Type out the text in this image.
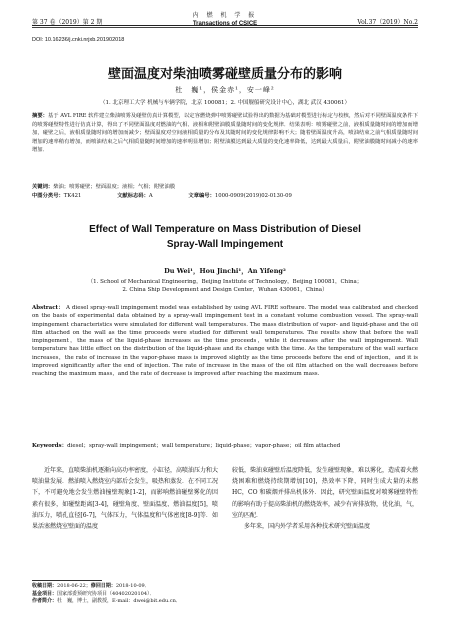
第 37 卷（2019）第 2 期
内 燃 机 学 报
Transactions of CSICE	Vol.37（2019）No.2
DOI: 10.16236/j.cnki.nrjxb.201902018
壁面温度对柴油喷雾碰壁质量分布的影响
杜　巍¹，侯金赤¹，安一峰²
（1. 北京理工大学 机械与车辆学院，北京 100081；2. 中国舰船研究设计中心，湖北 武汉 430061）
摘要：基于 AVL FIRE 软件建立柴油喷雾及碰壁仿真计算模型，以定容燃烧弹中喷雾碰壁试验得出的数据为基础对模型进行标定与校核，然后对不同壁面温度条件下的喷雾碰壁特性进行仿真计算，得出了不同壁面温度对燃油的气相、液相和附壁油膜质量随时间的变化规律．结果表明：喷雾碰壁之前，液相质量随时间的增加而增加，碰壁之后，液相质量随时间的增加而减少；壁面温度对空间液相质量的分布及其随时间的变化规律影响不大；随着壁面温度升高，喷油结束之前气相质量随时间增加的速率稍有增加，而喷油结束之后气相质量随时间增加的速率明显增加；附壁油膜达到最大质量的变化速率降低，达到最大质量后，附壁油膜随时间减小的速率增加．
关键词：柴油；喷雾碰壁；壁面温度；液相；气相；附壁油膜
中图分类号：TK421	文献标志码：A	文章编号：1000-0909(2019)02-0130-09
Effect of Wall Temperature on Mass Distribution of Diesel
Spray-Wall Impingement
Du Wei¹，Hou Jinchi¹，An Yifeng²
（1. School of Mechanical Engineering，Beijing Institute of Technology，Beijing 100081，China；
2. China Ship Development and Design Center，Wuhan 430061，China）
Abstract： A diesel spray-wall impingement model was established by using AVL FIRE software. The model was calibrated and checked on the basis of experimental data obtained by a spray-wall impingement test in a constant volume combustion vessel. The spray-wall impingement characteristics were simulated for different wall temperatures. The mass distribution of vapor- and liquid-phase and the oil film attached on the wall as the time proceeds were studied for different wall temperatures. The results show that before the wall impingement，the mass of the liquid-phase increases as the time proceeds，while it decreases after the wall impingement. Wall temperature has little effect on the distribution of the liquid-phase and its change with the time. As the temperature of the wall surface increases，the rate of increase in the vapor-phase mass is improved slightly as the time proceeds before the end of injection，and it is improved significantly after the end of injection. The rate of increase in the mass of the oil film attached on the wall decreases before reaching the maximum mass，and the rate of decrease is improved after reaching the maximum mass.
Keywords：diesel；spray-wall impingement；wall temperature；liquid-phase；vapor-phase；oil film attached

近年来，直喷柴油机逐渐向高功率密度，小缸径，高喷油压力和大喷油量发展．燃油喷入燃烧室内部后会发生，吸热和蒸发．在不同工况下，不可避免地会发生燃油撞壁现象[1-2]，而影响燃油碰壁雾化的因素有很多，如碰壁距离[3-4]，碰壁角度、壁面温度、燃油温度[5]，喷油压力，喷孔直径[6-7]，气体压力，气体温度和气体密度[8-9]等．如果活塞燃烧室壁面的温度

较低，柴油束碰壁后温度降低，发生碰壁现象，难以雾化，造成着火燃烧困难和燃烧持续期增加[10]，热效率下降，同时生成大量的未燃 HC，CO 和碳烟并排出机体外．因此，研究壁面温度对喷雾碰壁特性的影响有助于提高柴油机的燃烧效率，减少有害排放物，优化油，气，室的匹配．

多年来，国内外学者采用各种技术研究壁面温度

收稿日期：2018-06-22；修回日期：2018-10-09．
基金项目：国家部委预研究协项目（40402020104）．
作者简介：杜　巍，博士，副教授，E-mail：dwei@bit.edu.cn．
